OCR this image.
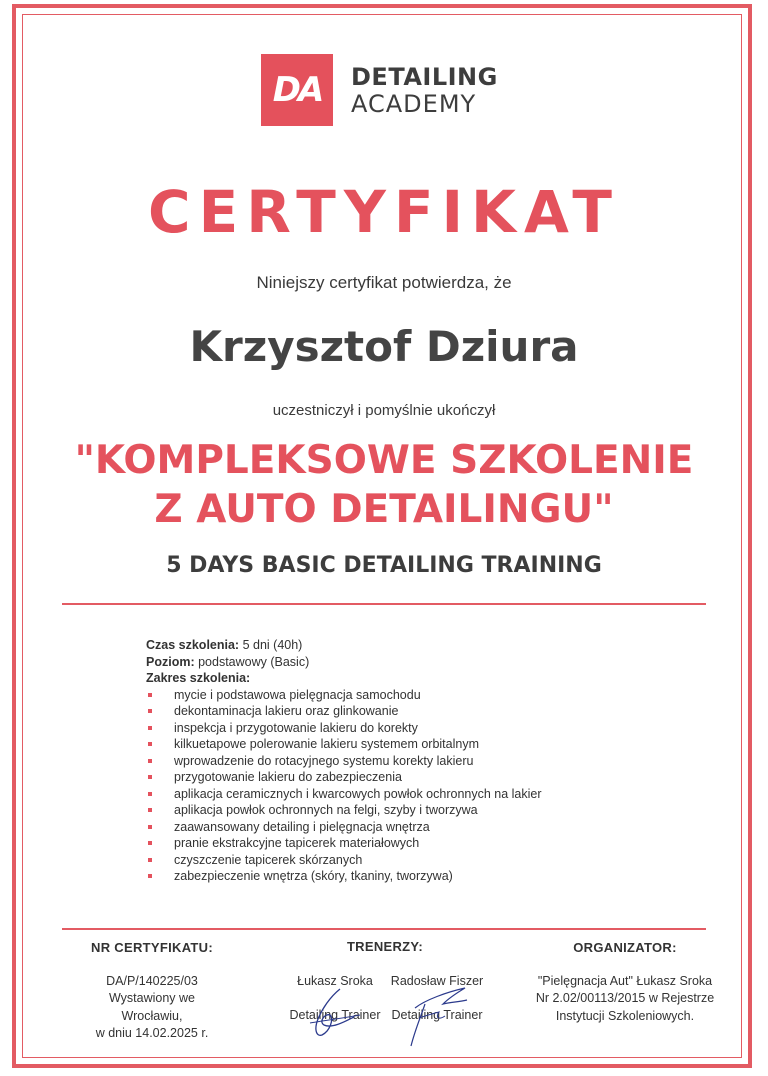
DA	DETAILING
ACADEMY
CERTYFIKAT
Niniejszy certyfikat potwierdza, że
Krzysztof Dziura
uczestniczył i pomyślnie ukończył
"KOMPLEKSOWE SZKOLENIE
Z AUTO DETAILINGU"
5 DAYS BASIC DETAILING TRAINING
Czas szkolenia: 5 dni (40h)
Poziom: podstawowy (Basic)
Zakres szkolenia:
mycie i podstawowa pielęgnacja samochodu
dekontaminacja lakieru oraz glinkowanie
inspekcja i przygotowanie lakieru do korekty
kilkuetapowe polerowanie lakieru systemem orbitalnym
wprowadzenie do rotacyjnego systemu korekty lakieru
przygotowanie lakieru do zabezpieczenia
aplikacja ceramicznych i kwarcowych powłok ochronnych na lakier
aplikacja powłok ochronnych na felgi, szyby i tworzywa
zaawansowany detailing i pielęgnacja wnętrza
pranie ekstrakcyjne tapicerek materiałowych
czyszczenie tapicerek skórzanych
zabezpieczenie wnętrza (skóry, tkaniny, tworzywa)
NR CERTYFIKATU:
DA/P/140225/03
Wystawiony we
Wrocławiu,
w dniu 14.02.2025 r.
TRENERZY:
Łukasz Sroka
Detailing Trainer
Radosław Fiszer
Detailing Trainer
ORGANIZATOR:
"Pielęgnacja Aut" Łukasz Sroka
Nr 2.02/00113/2015 w Rejestrze
Instytucji Szkoleniowych.
